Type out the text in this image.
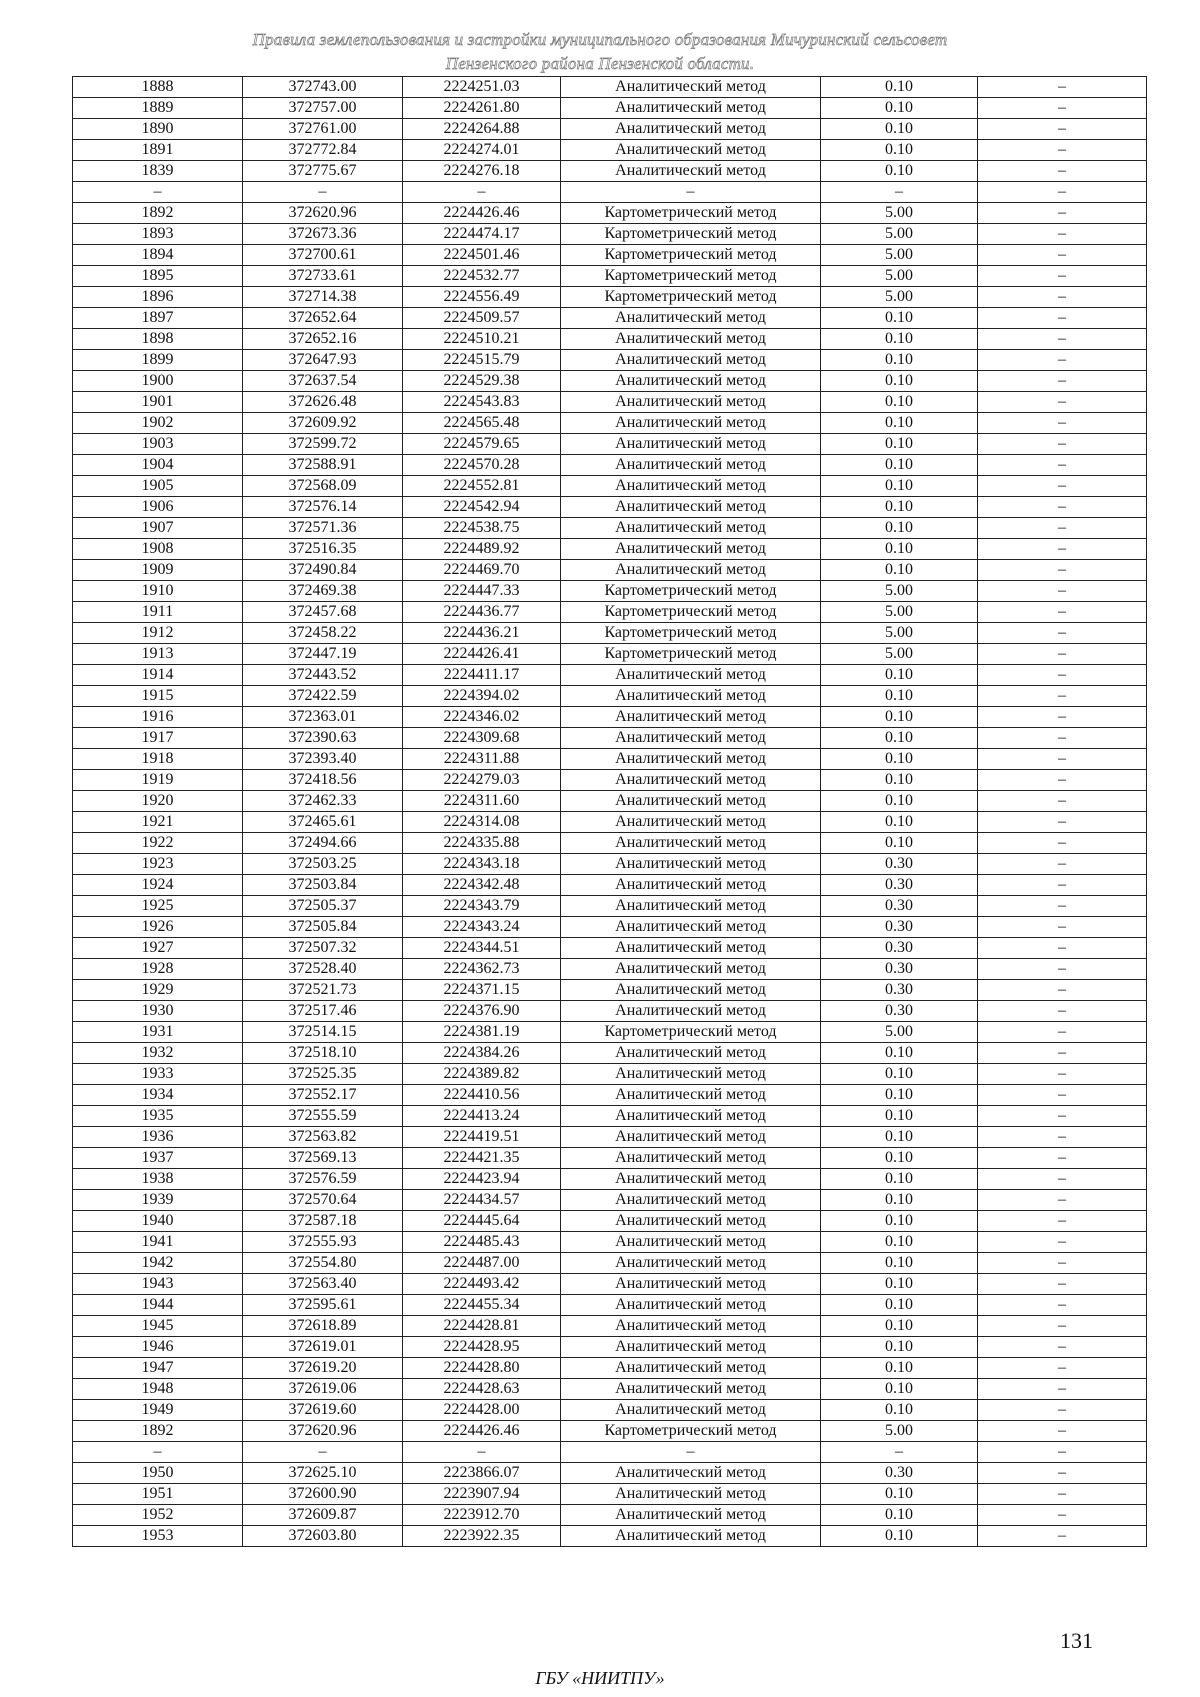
Правила землепользования и застройки муниципального образования Мичуринский сельсовет
Пензенского района Пензенской области.
1888	372743.00	2224251.03	Аналитический метод	0.10	–
1889	372757.00	2224261.80	Аналитический метод	0.10	–
1890	372761.00	2224264.88	Аналитический метод	0.10	–
1891	372772.84	2224274.01	Аналитический метод	0.10	–
1839	372775.67	2224276.18	Аналитический метод	0.10	–
–	–	–	–	–	–
1892	372620.96	2224426.46	Картометрический метод	5.00	–
1893	372673.36	2224474.17	Картометрический метод	5.00	–
1894	372700.61	2224501.46	Картометрический метод	5.00	–
1895	372733.61	2224532.77	Картометрический метод	5.00	–
1896	372714.38	2224556.49	Картометрический метод	5.00	–
1897	372652.64	2224509.57	Аналитический метод	0.10	–
1898	372652.16	2224510.21	Аналитический метод	0.10	–
1899	372647.93	2224515.79	Аналитический метод	0.10	–
1900	372637.54	2224529.38	Аналитический метод	0.10	–
1901	372626.48	2224543.83	Аналитический метод	0.10	–
1902	372609.92	2224565.48	Аналитический метод	0.10	–
1903	372599.72	2224579.65	Аналитический метод	0.10	–
1904	372588.91	2224570.28	Аналитический метод	0.10	–
1905	372568.09	2224552.81	Аналитический метод	0.10	–
1906	372576.14	2224542.94	Аналитический метод	0.10	–
1907	372571.36	2224538.75	Аналитический метод	0.10	–
1908	372516.35	2224489.92	Аналитический метод	0.10	–
1909	372490.84	2224469.70	Аналитический метод	0.10	–
1910	372469.38	2224447.33	Картометрический метод	5.00	–
1911	372457.68	2224436.77	Картометрический метод	5.00	–
1912	372458.22	2224436.21	Картометрический метод	5.00	–
1913	372447.19	2224426.41	Картометрический метод	5.00	–
1914	372443.52	2224411.17	Аналитический метод	0.10	–
1915	372422.59	2224394.02	Аналитический метод	0.10	–
1916	372363.01	2224346.02	Аналитический метод	0.10	–
1917	372390.63	2224309.68	Аналитический метод	0.10	–
1918	372393.40	2224311.88	Аналитический метод	0.10	–
1919	372418.56	2224279.03	Аналитический метод	0.10	–
1920	372462.33	2224311.60	Аналитический метод	0.10	–
1921	372465.61	2224314.08	Аналитический метод	0.10	–
1922	372494.66	2224335.88	Аналитический метод	0.10	–
1923	372503.25	2224343.18	Аналитический метод	0.30	–
1924	372503.84	2224342.48	Аналитический метод	0.30	–
1925	372505.37	2224343.79	Аналитический метод	0.30	–
1926	372505.84	2224343.24	Аналитический метод	0.30	–
1927	372507.32	2224344.51	Аналитический метод	0.30	–
1928	372528.40	2224362.73	Аналитический метод	0.30	–
1929	372521.73	2224371.15	Аналитический метод	0.30	–
1930	372517.46	2224376.90	Аналитический метод	0.30	–
1931	372514.15	2224381.19	Картометрический метод	5.00	–
1932	372518.10	2224384.26	Аналитический метод	0.10	–
1933	372525.35	2224389.82	Аналитический метод	0.10	–
1934	372552.17	2224410.56	Аналитический метод	0.10	–
1935	372555.59	2224413.24	Аналитический метод	0.10	–
1936	372563.82	2224419.51	Аналитический метод	0.10	–
1937	372569.13	2224421.35	Аналитический метод	0.10	–
1938	372576.59	2224423.94	Аналитический метод	0.10	–
1939	372570.64	2224434.57	Аналитический метод	0.10	–
1940	372587.18	2224445.64	Аналитический метод	0.10	–
1941	372555.93	2224485.43	Аналитический метод	0.10	–
1942	372554.80	2224487.00	Аналитический метод	0.10	–
1943	372563.40	2224493.42	Аналитический метод	0.10	–
1944	372595.61	2224455.34	Аналитический метод	0.10	–
1945	372618.89	2224428.81	Аналитический метод	0.10	–
1946	372619.01	2224428.95	Аналитический метод	0.10	–
1947	372619.20	2224428.80	Аналитический метод	0.10	–
1948	372619.06	2224428.63	Аналитический метод	0.10	–
1949	372619.60	2224428.00	Аналитический метод	0.10	–
1892	372620.96	2224426.46	Картометрический метод	5.00	–
–	–	–	–	–	–
1950	372625.10	2223866.07	Аналитический метод	0.30	–
1951	372600.90	2223907.94	Аналитический метод	0.10	–
1952	372609.87	2223912.70	Аналитический метод	0.10	–
1953	372603.80	2223922.35	Аналитический метод	0.10	–
131
ГБУ «НИИТПУ»
